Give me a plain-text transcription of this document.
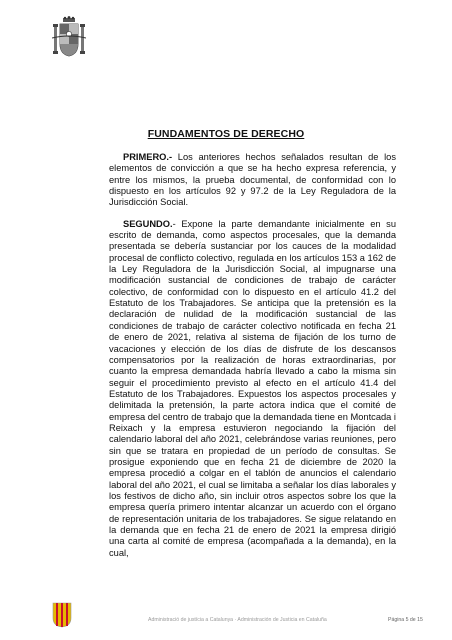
FUNDAMENTOS DE DERECHO

PRIMERO.- Los anteriores hechos señalados resultan de los elementos de convicción a que se ha hecho expresa referencia, y entre los mismos, la prueba documental, de conformidad con lo dispuesto en los artículos 92 y 97.2 de la Ley Reguladora de la Jurisdicción Social.

SEGUNDO.- Expone la parte demandante inicialmente en su escrito de demanda, como aspectos procesales, que la demanda presentada se debería sustanciar por los cauces de la modalidad procesal de conflicto colectivo, regulada en los artículos 153 a 162 de la Ley Reguladora de la Jurisdicción Social, al impugnarse una modificación sustancial de condiciones de trabajo de carácter colectivo, de conformidad con lo dispuesto en el artículo 41.2 del Estatuto de los Trabajadores. Se anticipa que la pretensión es la declaración de nulidad de la modificación sustancial de las condiciones de trabajo de carácter colectivo notificada en fecha 21 de enero de 2021, relativa al sistema de fijación de los turno de vacaciones y elección de los días de disfrute de los descansos compensatorios por la realización de horas extraordinarias, por cuanto la empresa demandada habría llevado a cabo la misma sin seguir el procedimiento previsto al efecto en el artículo 41.4 del Estatuto de los Trabajadores. Expuestos los aspectos procesales y delimitada la pretensión, la parte actora indica que el comité de empresa del centro de trabajo que la demandada tiene en Montcada i Reixach y la empresa estuvieron negociando la fijación del calendario laboral del año 2021, celebrándose varias reuniones, pero sin que se tratara en propiedad de un período de consultas. Se prosigue exponiendo que en fecha 21 de diciembre de 2020 la empresa procedió a colgar en el tablón de anuncios el calendario laboral del año 2021, el cual se limitaba a señalar los días laborales y los festivos de dicho año, sin incluir otros aspectos sobre los que la empresa quería primero intentar alcanzar un acuerdo con el órgano de representación unitaria de los trabajadores. Se sigue relatando en la demanda que en fecha 21 de enero de 2021 la empresa dirigió una carta al comité de empresa (acompañada a la demanda), en la cual,

Administració de justícia a Catalunya · Administración de Justicia en Cataluña	Página 5 de 15
